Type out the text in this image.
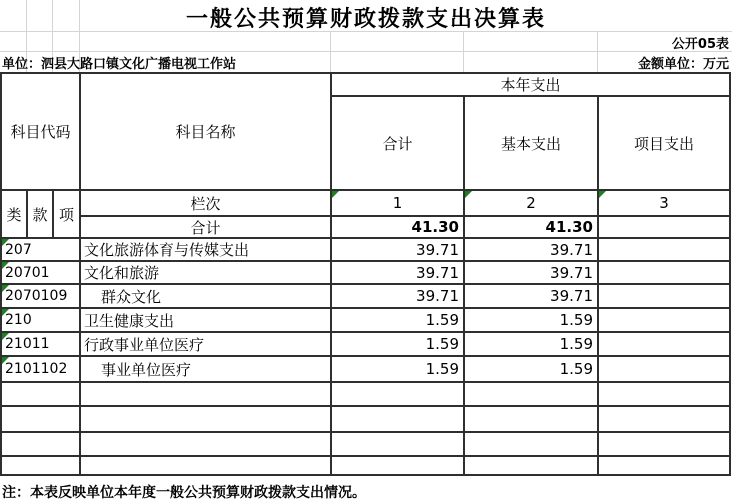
一般公共预算财政拨款支出决算表
公开05表
单位：泗县大路口镇文化广播电视工作站	金额单位：万元
科目代码	科目名称
本年支出
合计	基本支出	项目支出
类 款 项
栏次	1	2	3
合计	41.30	41.30
207	文化旅游体育与传媒支出	39.71	39.71
20701 文化和旅游	39.71	39.71
2070109	群众文化	39.71	39.71
210	卫生健康支出	1.59	1.59
21011 行政事业单位医疗	1.59	1.59
2101102	事业单位医疗	1.59	1.59
注：本表反映单位本年度一般公共预算财政拨款支出情况。
